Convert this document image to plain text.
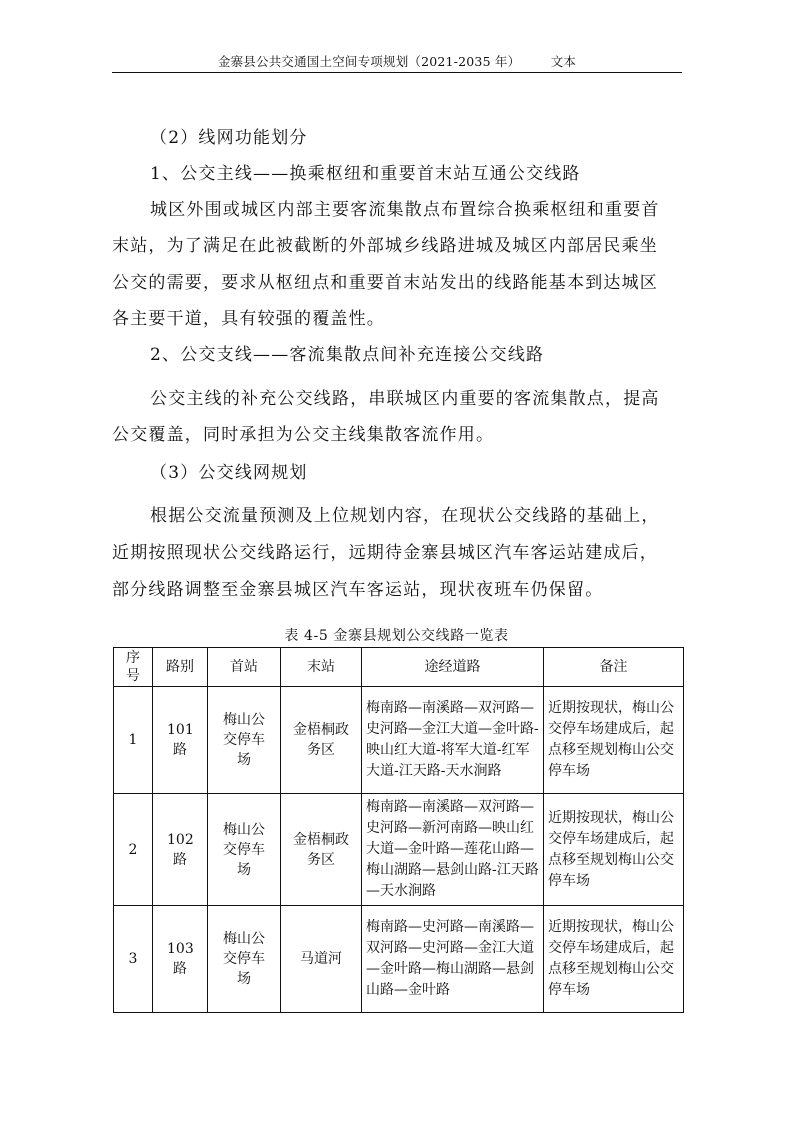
金寨县公共交通国土空间专项规划（2021-2035 年） 文本
（2）线网功能划分
1、公交主线——换乘枢纽和重要首末站互通公交线路
城区外围或城区内部主要客流集散点布置综合换乘枢纽和重要首
末站，为了满足在此被截断的外部城乡线路进城及城区内部居民乘坐
公交的需要，要求从枢纽点和重要首末站发出的线路能基本到达城区
各主要干道，具有较强的覆盖性。
2、公交支线——客流集散点间补充连接公交线路
公交主线的补充公交线路，串联城区内重要的客流集散点，提高
公交覆盖，同时承担为公交主线集散客流作用。
（3）公交线网规划
根据公交流量预测及上位规划内容，在现状公交线路的基础上，
近期按照现状公交线路运行，远期待金寨县城区汽车客运站建成后，
部分线路调整至金寨县城区汽车客运站，现状夜班车仍保留。
表 4-5 金寨县规划公交线路一览表
序号	路别	首站	末站	途经道路	备注
1	101路	梅山公交停车场	金梧桐政务区	梅南路—南溪路—双河路—史河路—金江大道—金叶路-映山红大道-将军大道-红军大道-江天路-天水涧路	近期按现状，梅山公交停车场建成后，起点移至规划梅山公交停车场
2	102路	梅山公交停车场	金梧桐政务区	梅南路—南溪路—双河路—史河路—新河南路—映山红大道—金叶路—莲花山路—梅山湖路—悬剑山路-江天路—天水涧路	近期按现状，梅山公交停车场建成后，起点移至规划梅山公交停车场
3	103路	梅山公交停车场	马道河	梅南路—史河路—南溪路—双河路—史河路—金江大道—金叶路—梅山湖路—悬剑山路—金叶路	近期按现状，梅山公交停车场建成后，起点移至规划梅山公交停车场
